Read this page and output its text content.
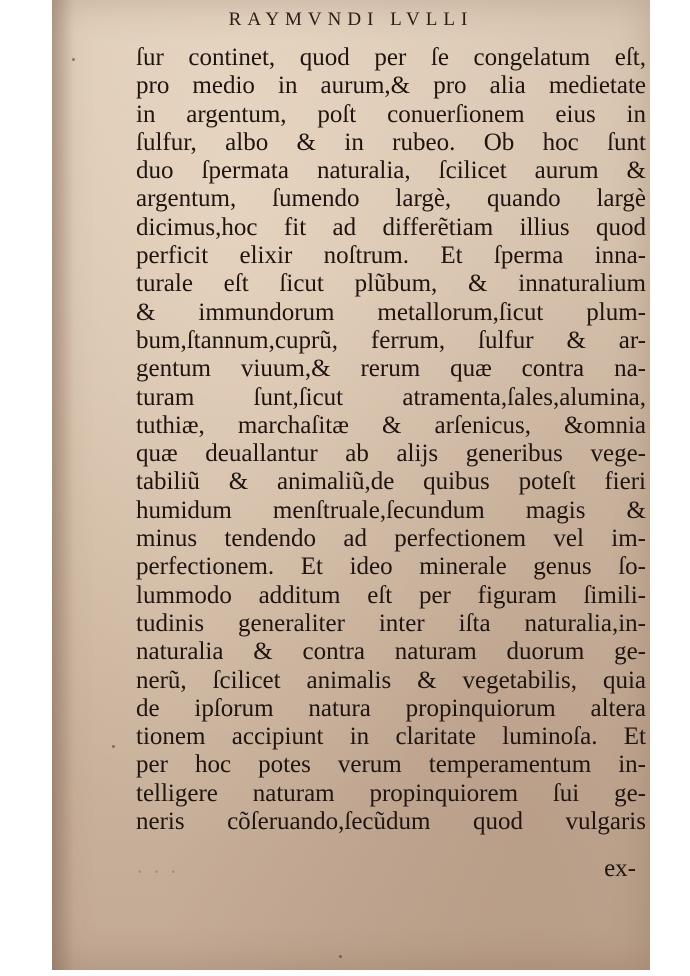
RAYMVNDI LVLLI
ſur continet, quod per ſe congelatum eſt,
pro medio in aurum,& pro alia medietate
in argentum, poſt conuerſionem eius in
ſulfur, albo & in rubeo. Ob hoc ſunt
duo ſpermata naturalia, ſcilicet aurum &
argentum, ſumendo largè, quando largè
dicimus,hoc fit ad differẽtiam illius quod
perficit elixir noſtrum. Et ſperma inna-
turale eſt ſicut plũbum, & innaturalium
& immundorum metallorum,ſicut plum-
bum,ſtannum,cuprũ, ferrum, ſulfur & ar-
gentum viuum,& rerum quæ contra na-
turam ſunt,ſicut atramenta,ſales,alumina,
tuthiæ, marchaſitæ & arſenicus, &omnia
quæ deuallantur ab alijs generibus vege-
tabiliũ & animaliũ,de quibus poteſt fieri
humidum menſtruale,ſecundum magis &
minus tendendo ad perfectionem vel im-
perfectionem. Et ideo minerale genus ſo-
lummodo additum eſt per figuram ſimili-
tudinis generaliter inter iſta naturalia,in-
naturalia & contra naturam duorum ge-
nerũ, ſcilicet animalis & vegetabilis, quia
de ipſorum natura propinquiorum altera
tionem accipiunt in claritate luminoſa. Et
per hoc potes verum temperamentum in-
telligere naturam propinquiorem ſui ge-
neris cõſeruando,ſecũdum quod vulgaris
· · ·	ex-
